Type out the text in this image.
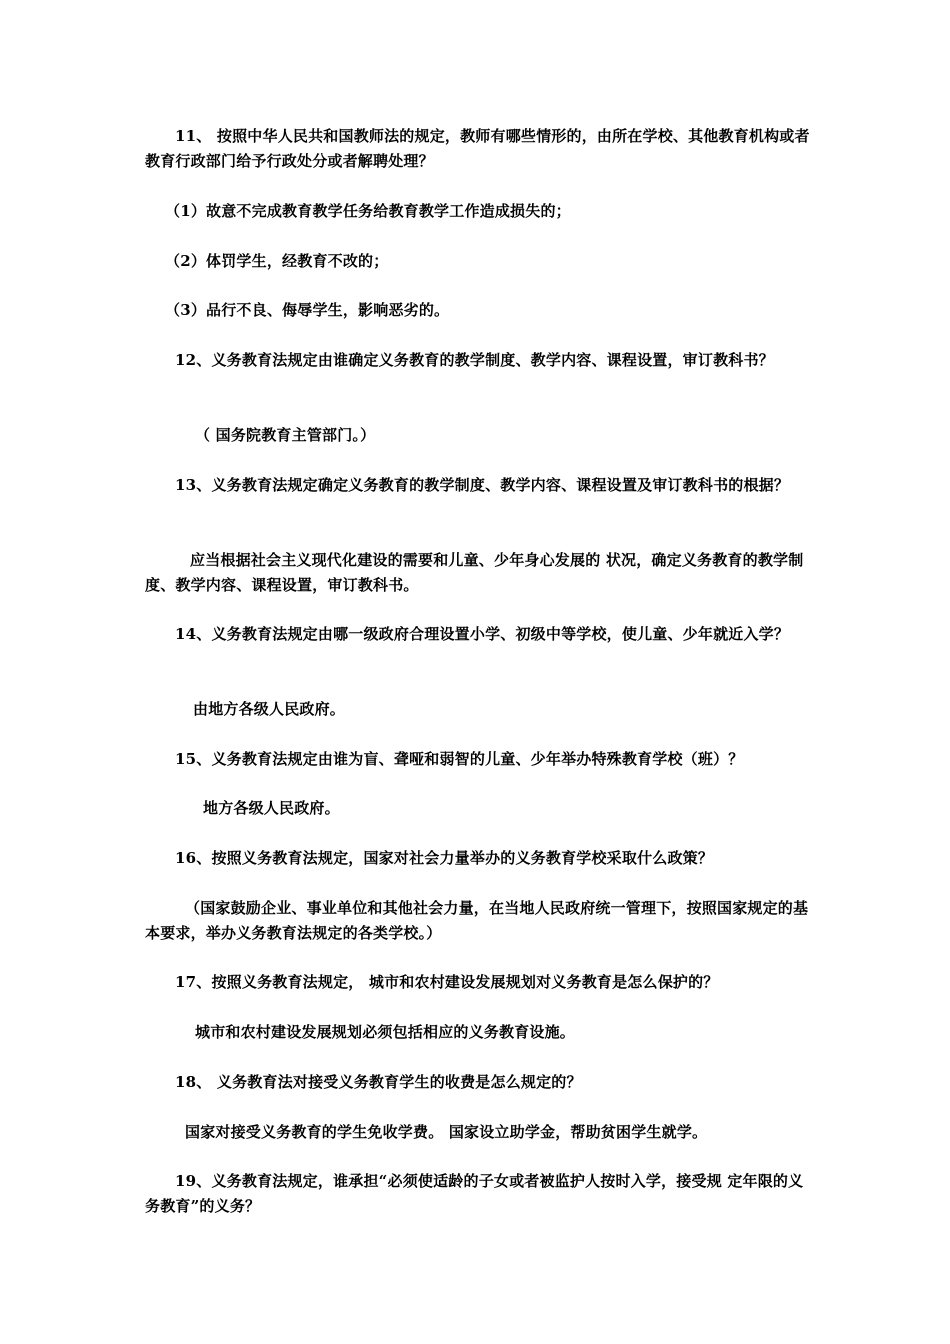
11、 按照中华人民共和国教师法的规定，教师有哪些情形的，由所在学校、其他教育机构或者教育行政部门给予行政处分或者解聘处理？

（1）故意不完成教育教学任务给教育教学工作造成损失的；

（2）体罚学生，经教育不改的；

（3）品行不良、侮辱学生，影响恶劣的。

12、义务教育法规定由谁确定义务教育的教学制度、教学内容、课程设置，审订教科书？

（ 国务院教育主管部门。）

13、义务教育法规定确定义务教育的教学制度、教学内容、课程设置及审订教科书的根据？

应当根据社会主义现代化建设的需要和儿童、少年身心发展的 状况，确定义务教育的教学制度、教学内容、课程设置，审订教科书。

14、义务教育法规定由哪一级政府合理设置小学、初级中等学校，使儿童、少年就近入学？

由地方各级人民政府。

15、义务教育法规定由谁为盲、聋哑和弱智的儿童、少年举办特殊教育学校（班）？

地方各级人民政府。

16、按照义务教育法规定，国家对社会力量举办的义务教育学校采取什么政策？

（国家鼓励企业、事业单位和其他社会力量，在当地人民政府统一管理下，按照国家规定的基本要求，举办义务教育法规定的各类学校。）

17、按照义务教育法规定， 城市和农村建设发展规划对义务教育是怎么保护的？

城市和农村建设发展规划必须包括相应的义务教育设施。

18、 义务教育法对接受义务教育学生的收费是怎么规定的？

国家对接受义务教育的学生免收学费。 国家设立助学金，帮助贫困学生就学。

19、义务教育法规定，谁承担“必须使适龄的子女或者被监护人按时入学，接受规 定年限的义务教育”的义务？
